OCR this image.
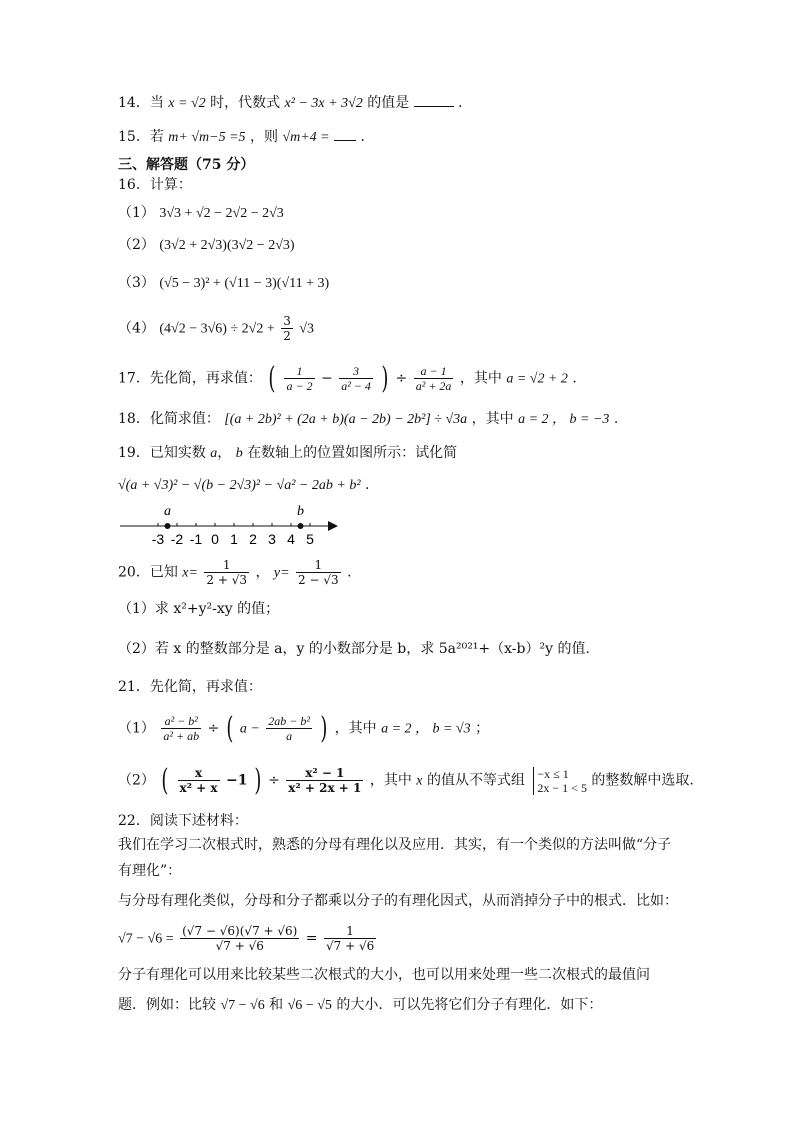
14．当 x = √2 时，代数式 x² − 3x + 3√2 的值是	．
15．若 m+ √m−5 =5 ，则 √m+4 = ．
三、解答题（75 分）
16．计算：
（1） 3√3 + √2 − 2√2 − 2√3
（2） (3√2 + 2√3)(3√2 − 2√3)
（3） (√5 − 3)² + (√11 − 3)(√11 + 3)
（4） $(4√2 - 3√6) \div 2√2 + \frac{3}{2} √3$
17．先化简，再求值： ( $\frac{1}{a - 2} - \frac{3}{\text{a² − 4}}$ ) ÷ $\frac{a - 1}{\text{a² + 2a}}$ ，其中 a = √2 + 2 .
18．化简求值： [(a + 2b)² + (2a + b)(a − 2b) − 2b²] ÷ √3a ，其中 a = 2 ， b = −3 .
19．已知实数 a， b 在数轴上的位置如图所示：试化简
√(a + √3)² − √(b − 2√3)² − √a² − 2ab + b² .
-3 -2 -1 0 1 2 3 4 5
a	b
20．已知 $x= \frac{1}{2 + √3}$ ， $y= \frac{1}{2 - √3}$ .
（1）求 x²+y²-xy 的值；
（2）若 x 的整数部分是 a，y 的小数部分是 b，求 5a²⁰²¹+（x-b）²y 的值.
21．先化简，再求值：
$(1) \frac{\text{a² − b²}}{\text{a² + ab}}$ ÷ ( $a - \frac{\text{2ab − b²}}{a}$ ) ，其中 a = 2 ， b = √3 ；
（2） ( $\frac{x}{\text{x² + x}} -1$ ) ÷ $\frac{\text{x² − 1}}{\text{x² + 2x + 1}}$ ，其中 x 的值从不等式组 −x ≤ 1
2x − 1 < 5 的整数解中选取.
22．阅读下述材料：
我们在学习二次根式时，熟悉的分母有理化以及应用．其实，有一个类似的方法叫做“分子
有理化”：
与分母有理化类似，分母和分子都乘以分子的有理化因式，从而消掉分子中的根式．比如：
$√7 - √6 = \frac{(√7 - √6)(√7 + √6)}{√7 + √6} = \frac{1}{√7 + √6}$
分子有理化可以用来比较某些二次根式的大小，也可以用来处理一些二次根式的最值问
题．例如：比较 √7 − √6 和 √6 − √5 的大小．可以先将它们分子有理化．如下：
